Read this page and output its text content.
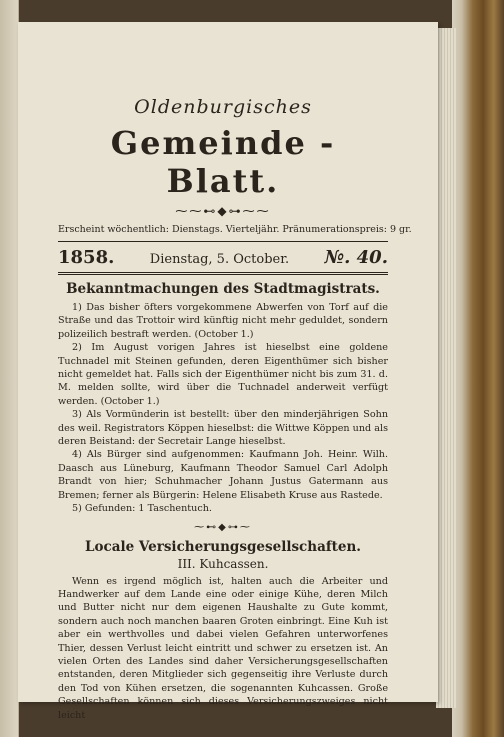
Oldenburgisches
Gemeinde - Blatt.
⁓⁓⊷◆⊶⁓⁓
Erscheint wöchentlich: Dienstags. Vierteljähr. Pränumerationspreis: 9 gr.
1858.	Dienstag, 5. October. №. 40.
Bekanntmachungen des Stadtmagistrats.

1) Das bisher öfters vorgekommene Abwerfen von Torf auf die Straße und das Trottoir wird künftig nicht mehr geduldet, sondern polizeilich bestraft werden. (October 1.)

2) Im August vorigen Jahres ist hieselbst eine goldene Tuchnadel mit Steinen gefunden, deren Eigenthümer sich bisher nicht gemeldet hat. Falls sich der Eigenthümer nicht bis zum 31. d. M. melden sollte, wird über die Tuchnadel anderweit verfügt werden. (October 1.)

3) Als Vormünderin ist bestellt: über den minderjährigen Sohn des weil. Registrators Köppen hieselbst: die Wittwe Köppen und als deren Beistand: der Secretair Lange hieselbst.

4) Als Bürger sind aufgenommen: Kaufmann Joh. Heinr. Wilh. Daasch aus Lüneburg, Kaufmann Theodor Samuel Carl Adolph Brandt von hier; Schuhmacher Johann Justus Gatermann aus Bremen; ferner als Bürgerin: Helene Elisabeth Kruse aus Rastede.

5) Gefunden: 1 Taschentuch.

⁓⊷◆⊶⁓
Locale Versicherungsgesellschaften.
III. Kuhcassen.

Wenn es irgend möglich ist, halten auch die Arbeiter und Handwerker auf dem Lande eine oder einige Kühe, deren Milch und Butter nicht nur dem eigenen Haushalte zu Gute kommt, sondern auch noch manchen baaren Groten einbringt. Eine Kuh ist aber ein werthvolles und dabei vielen Gefahren unterworfenes Thier, dessen Verlust leicht eintritt und schwer zu ersetzen ist. An vielen Orten des Landes sind daher Versicherungsgesellschaften entstanden, deren Mitglieder sich gegenseitig ihre Verluste durch den Tod von Kühen ersetzen, die sogenannten Kuhcassen. Große Gesellschaften können sich dieses Versicherungszweiges nicht leicht
